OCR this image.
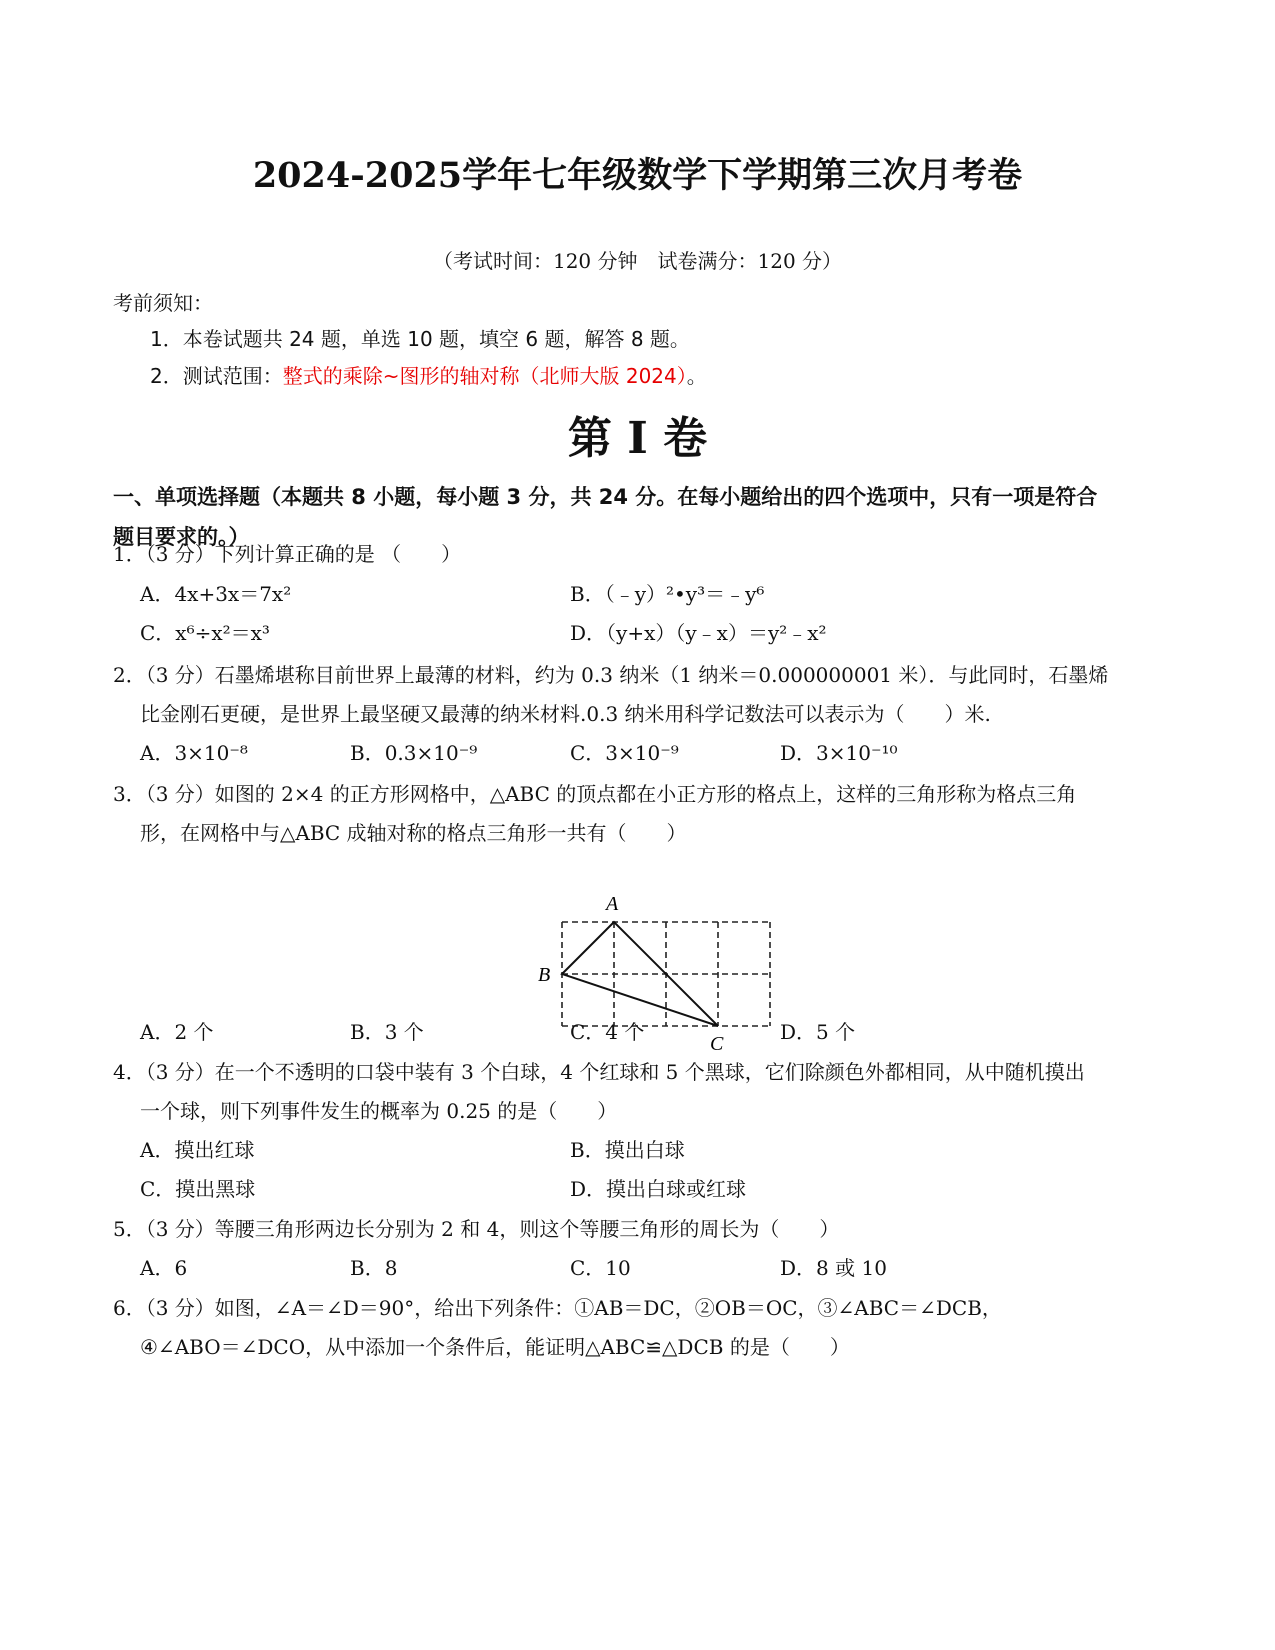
2024-2025学年七年级数学下学期第三次月考卷
（考试时间：120 分钟　试卷满分：120 分）
考前须知：
1．本卷试题共 24 题，单选 10 题，填空 6 题，解答 8 题。
2．测试范围：整式的乘除~图形的轴对称（北师大版 2024）。
第 I 卷
一、单项选择题（本题共 8 小题，每小题 3 分，共 24 分。在每小题给出的四个选项中，只有一项是符合
题目要求的。）
1．（3 分）下列计算正确的是 （　　）
A．4x+3x＝7x²	B．（﹣y）²•y³＝﹣y⁶
C．x⁶÷x²＝x³	D．（y+x）（y﹣x）＝y²﹣x²
2．（3 分）石墨烯堪称目前世界上最薄的材料，约为 0.3 纳米（1 纳米＝0.000000001 米）．与此同时，石墨烯
比金刚石更硬，是世界上最坚硬又最薄的纳米材料.0.3 纳米用科学记数法可以表示为（　　）米.
A．3×10⁻⁸	B．0.3×10⁻⁹	C．3×10⁻⁹	D．3×10⁻¹⁰
3．（3 分）如图的 2×4 的正方形网格中，△ABC 的顶点都在小正方形的格点上，这样的三角形称为格点三角
形，在网格中与△ABC 成轴对称的格点三角形一共有（　　）
A
B
C
A．2 个	B．3 个	C．4 个	D．5 个
4．（3 分）在一个不透明的口袋中装有 3 个白球，4 个红球和 5 个黑球，它们除颜色外都相同，从中随机摸出
一个球，则下列事件发生的概率为 0.25 的是（　　）
A．摸出红球	B．摸出白球
C．摸出黑球	D．摸出白球或红球
5．（3 分）等腰三角形两边长分别为 2 和 4，则这个等腰三角形的周长为（　　）
A．6	B．8	C．10	D．8 或 10
6．（3 分）如图，∠A＝∠D＝90°，给出下列条件：①AB＝DC，②OB＝OC，③∠ABC＝∠DCB，
④∠ABO＝∠DCO，从中添加一个条件后，能证明△ABC≌△DCB 的是（　　）
